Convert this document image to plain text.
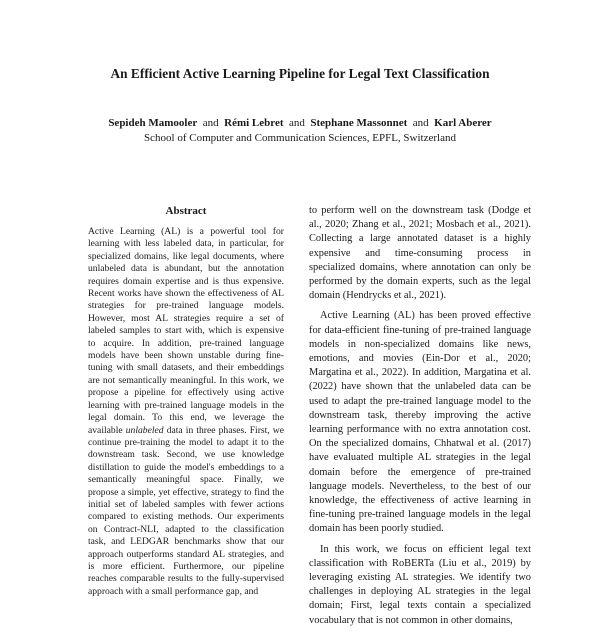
An Efficient Active Learning Pipeline for Legal Text Classification
Sepideh Mamooler and Rémi Lebret and Stephane Massonnet and Karl Aberer
School of Computer and Communication Sciences, EPFL, Switzerland
Abstract
Active Learning (AL) is a powerful tool for learning with less labeled data, in particular, for specialized domains, like legal documents, where unlabeled data is abundant, but the annotation requires domain expertise and is thus expensive. Recent works have shown the effectiveness of AL strategies for pre-trained language models. However, most AL strategies require a set of labeled samples to start with, which is expensive to acquire. In addition, pre-trained language models have been shown unstable during fine-tuning with small datasets, and their embeddings are not semantically meaningful. In this work, we propose a pipeline for effectively using active learning with pre-trained language models in the legal domain. To this end, we leverage the available unlabeled data in three phases. First, we continue pre-training the model to adapt it to the downstream task. Second, we use knowledge distillation to guide the model's embeddings to a semantically meaningful space. Finally, we propose a simple, yet effective, strategy to find the initial set of labeled samples with fewer actions compared to existing methods. Our experiments on Contract-NLI, adapted to the classification task, and LEDGAR benchmarks show that our approach outperforms standard AL strategies, and is more efficient. Furthermore, our pipeline reaches comparable results to the fully-supervised approach with a small performance gap, and

to perform well on the downstream task (Dodge et al., 2020; Zhang et al., 2021; Mosbach et al., 2021). Collecting a large annotated dataset is a highly expensive and time-consuming process in specialized domains, where annotation can only be performed by the domain experts, such as the legal domain (Hendrycks et al., 2021).

Active Learning (AL) has been proved effective for data-efficient fine-tuning of pre-trained language models in non-specialized domains like news, emotions, and movies (Ein-Dor et al., 2020; Margatina et al., 2022). In addition, Margatina et al. (2022) have shown that the unlabeled data can be used to adapt the pre-trained language model to the downstream task, thereby improving the active learning performance with no extra annotation cost. On the specialized domains, Chhatwal et al. (2017) have evaluated multiple AL strategies in the legal domain before the emergence of pre-trained language models. Nevertheless, to the best of our knowledge, the effectiveness of active learning in fine-tuning pre-trained language models in the legal domain has been poorly studied.

In this work, we focus on efficient legal text classification with RoBERTa (Liu et al., 2019) by leveraging existing AL strategies. We identify two challenges in deploying AL strategies in the legal domain; First, legal texts contain a specialized vocabulary that is not common in other domains,
